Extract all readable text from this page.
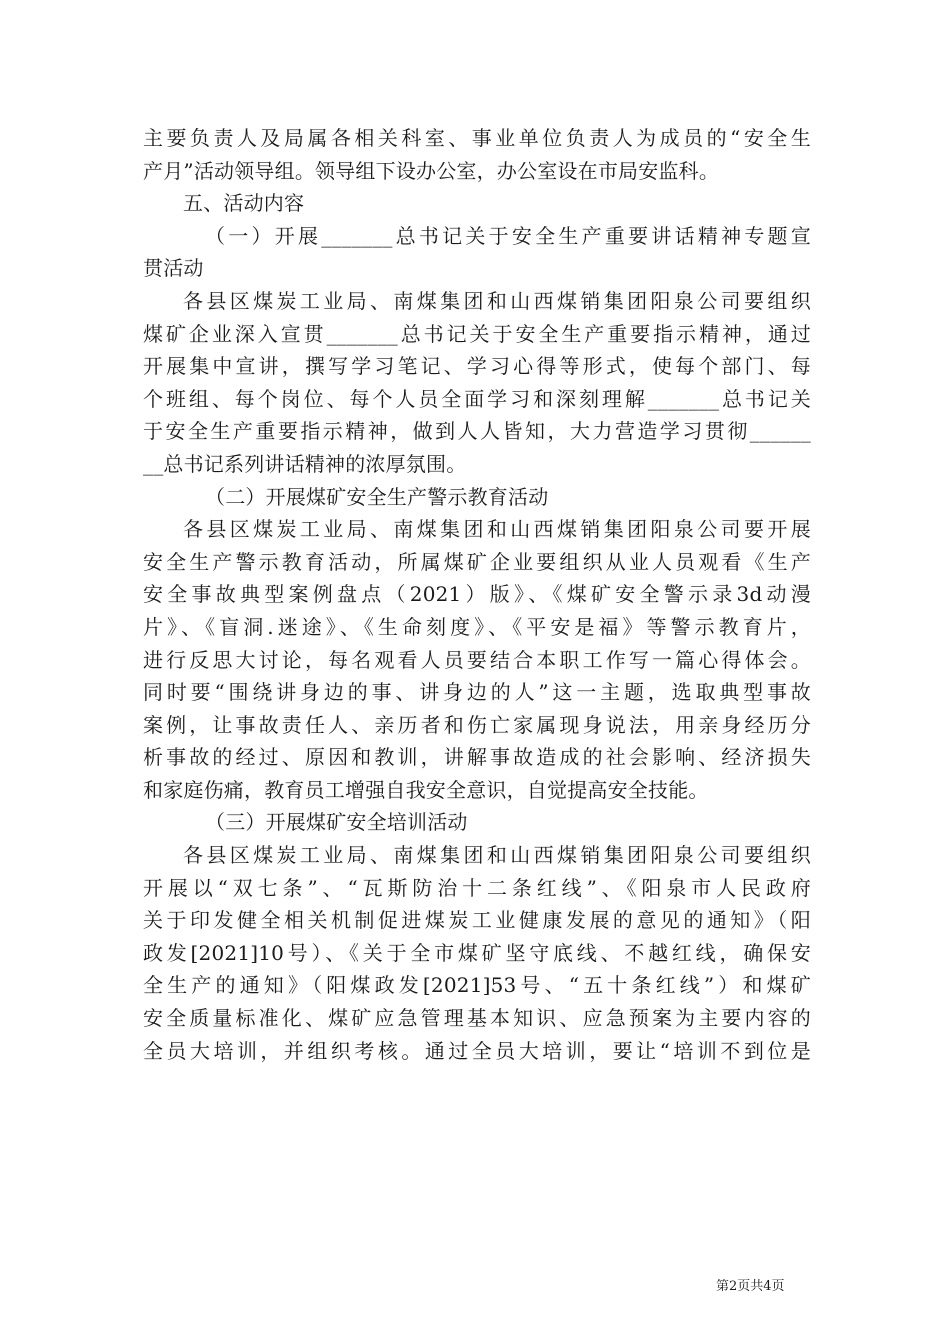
主要负责人及局属各相关科室、事业单位负责人为成员的“安全生
产月”活动领导组。领导组下设办公室，办公室设在市局安监科。
五、活动内容
（一）开展_______总书记关于安全生产重要讲话精神专题宣
贯活动
各县区煤炭工业局、南煤集团和山西煤销集团阳泉公司要组织
煤矿企业深入宣贯_______总书记关于安全生产重要指示精神，通过
开展集中宣讲，撰写学习笔记、学习心得等形式，使每个部门、每
个班组、每个岗位、每个人员全面学习和深刻理解_______总书记关
于安全生产重要指示精神，做到人人皆知，大力营造学习贯彻______
__总书记系列讲话精神的浓厚氛围。
（二）开展煤矿安全生产警示教育活动
各县区煤炭工业局、南煤集团和山西煤销集团阳泉公司要开展
安全生产警示教育活动，所属煤矿企业要组织从业人员观看《生产
安全事故典型案例盘点（2021）版》、《煤矿安全警示录3d动漫
片》、《盲洞.迷途》、《生命刻度》、《平安是福》等警示教育片，
进行反思大讨论，每名观看人员要结合本职工作写一篇心得体会。
同时要“围绕讲身边的事、讲身边的人”这一主题，选取典型事故
案例，让事故责任人、亲历者和伤亡家属现身说法，用亲身经历分
析事故的经过、原因和教训，讲解事故造成的社会影响、经济损失
和家庭伤痛，教育员工增强自我安全意识，自觉提高安全技能。
（三）开展煤矿安全培训活动
各县区煤炭工业局、南煤集团和山西煤销集团阳泉公司要组织
开展以“双七条”、“瓦斯防治十二条红线”、《阳泉市人民政府
关于印发健全相关机制促进煤炭工业健康发展的意见的通知》（阳
政发[2021]10号）、《关于全市煤矿坚守底线、不越红线，确保安
全生产的通知》（阳煤政发[2021]53号、“五十条红线”）和煤矿
安全质量标准化、煤矿应急管理基本知识、应急预案为主要内容的
全员大培训，并组织考核。通过全员大培训，要让“培训不到位是
第2页共4页
